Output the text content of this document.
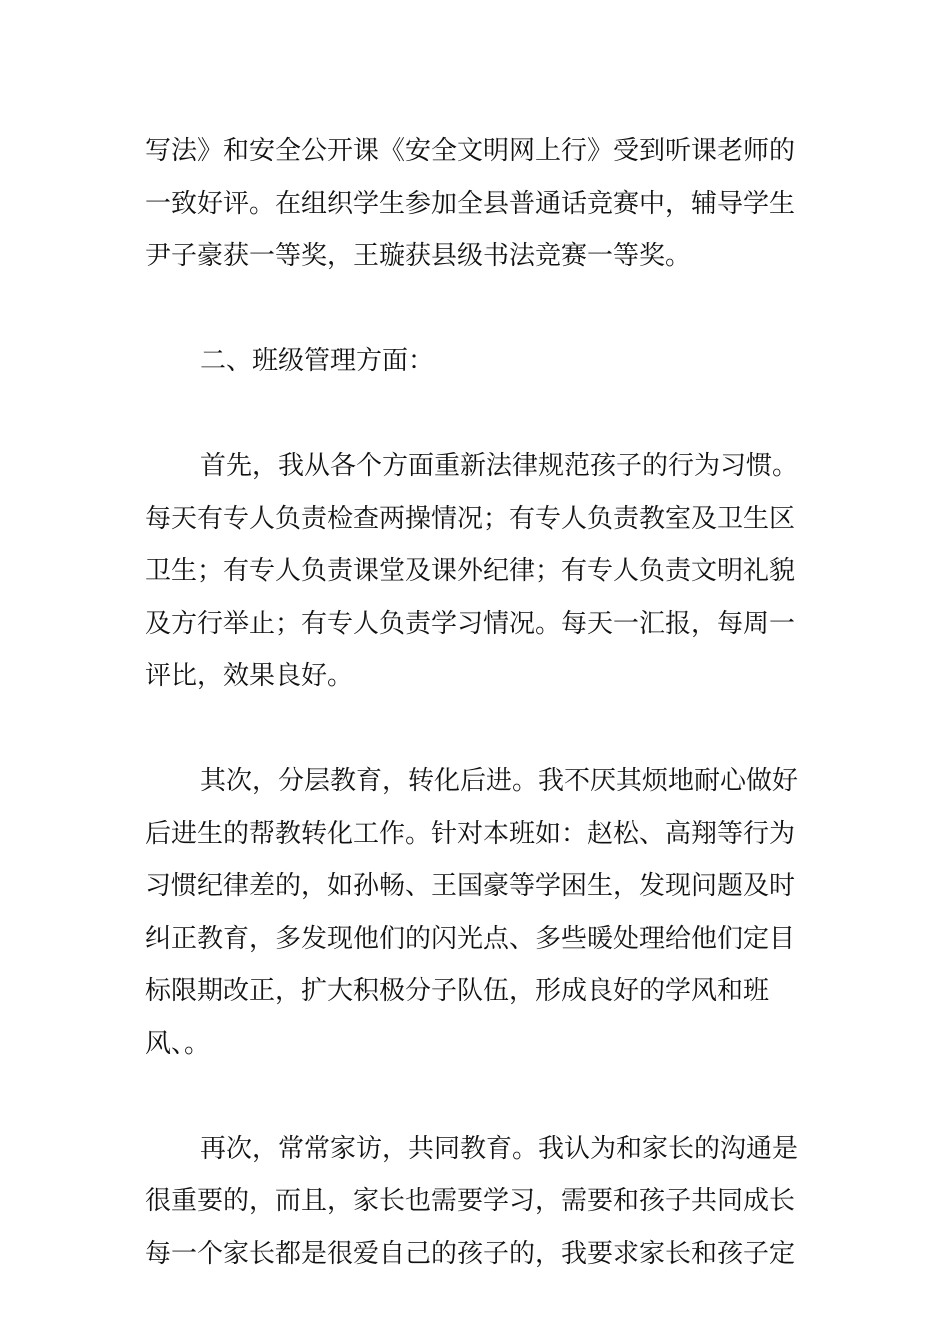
写法》和安全公开课《安全文明网上行》受到听课老师的
一致好评。在组织学生参加全县普通话竞赛中，辅导学生
尹子豪获一等奖，王璇获县级书法竞赛一等奖。
二、班级管理方面：
首先，我从各个方面重新法律规范孩子的行为习惯。
每天有专人负责检查两操情况；有专人负责教室及卫生区
卫生；有专人负责课堂及课外纪律；有专人负责文明礼貌
及方行举止；有专人负责学习情况。每天一汇报，每周一
评比，效果良好。
其次，分层教育，转化后进。我不厌其烦地耐心做好
后进生的帮教转化工作。针对本班如：赵松、高翔等行为
习惯纪律差的，如孙畅、王国豪等学困生，发现问题及时
纠正教育，多发现他们的闪光点、多些暖处理给他们定目
标限期改正，扩大积极分子队伍，形成良好的学风和班
风、。
再次，常常家访，共同教育。我认为和家长的沟通是
很重要的，而且，家长也需要学习，需要和孩子共同成长
每一个家长都是很爱自己的孩子的，我要求家长和孩子定
